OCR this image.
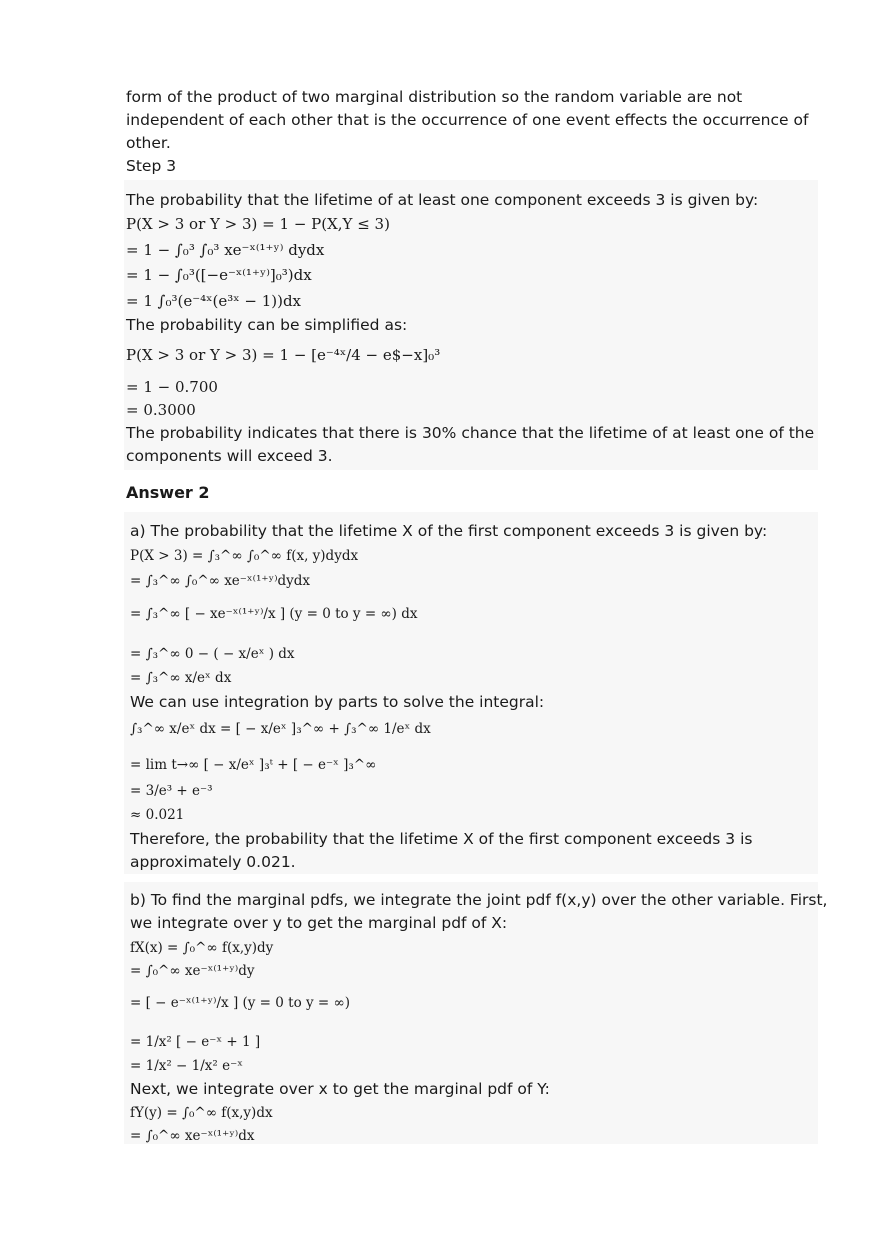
form of the product of two marginal distribution so the random variable are not
independent of each other that is the occurrence of one event effects the occurrence of
other.
Step 3
The probability that the lifetime of at least one component exceeds 3 is given by:
P(X > 3 or Y > 3) = 1 − P(X,Y ≤ 3)
= 1 − ∫₀³ ∫₀³ xe⁻ˣ⁽¹⁺ʸ⁾ dydx
= 1 − ∫₀³([−e⁻ˣ⁽¹⁺ʸ⁾]₀³)dx
= 1 ∫₀³(e⁻⁴ˣ(e³ˣ − 1))dx
The probability can be simplified as:
P(X > 3 or Y > 3) = 1 − [e⁻⁴ˣ/4 − e$−x]₀³
= 1 − 0.700
= 0.3000
The probability indicates that there is 30% chance that the lifetime of at least one of the
components will exceed 3.
Answer 2
a) The probability that the lifetime X of the first component exceeds 3 is given by:
P(X > 3) = ∫₃^∞ ∫₀^∞ f(x, y)dydx
= ∫₃^∞ ∫₀^∞ xe⁻ˣ⁽¹⁺ʸ⁾dydx
= ∫₃^∞ [ − xe⁻ˣ⁽¹⁺ʸ⁾/x ] (y = 0 to y = ∞) dx
= ∫₃^∞ 0 − ( − x/eˣ ) dx
= ∫₃^∞ x/eˣ dx
We can use integration by parts to solve the integral:
∫₃^∞ x/eˣ dx = [ − x/eˣ ]₃^∞ + ∫₃^∞ 1/eˣ dx
= lim t→∞ [ − x/eˣ ]₃ᵗ + [ − e⁻ˣ ]₃^∞
= 3/e³ + e⁻³
≈ 0.021
Therefore, the probability that the lifetime X of the first component exceeds 3 is
approximately 0.021.
b) To find the marginal pdfs, we integrate the joint pdf f(x,y) over the other variable. First,
we integrate over y to get the marginal pdf of X:
fX(x) = ∫₀^∞ f(x,y)dy
= ∫₀^∞ xe⁻ˣ⁽¹⁺ʸ⁾dy
= [ − e⁻ˣ⁽¹⁺ʸ⁾/x ] (y = 0 to y = ∞)
= 1/x² [ − e⁻ˣ + 1 ]
= 1/x² − 1/x² e⁻ˣ
Next, we integrate over x to get the marginal pdf of Y:
fY(y) = ∫₀^∞ f(x,y)dx
= ∫₀^∞ xe⁻ˣ⁽¹⁺ʸ⁾dx
